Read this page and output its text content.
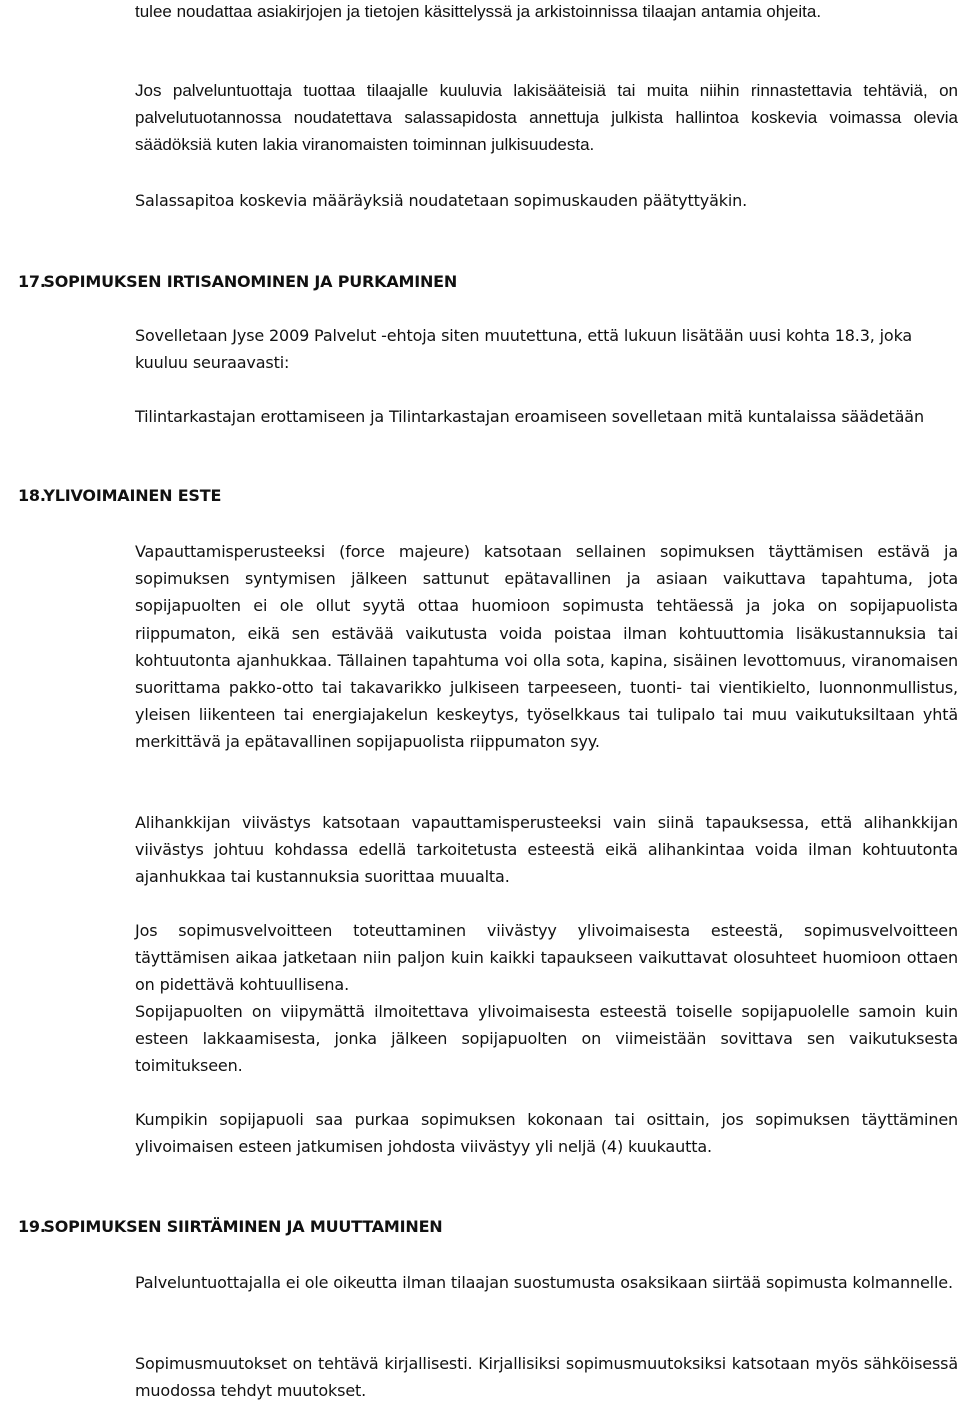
tulee noudattaa asiakirjojen ja tietojen käsittelyssä ja arkistoinnissa tilaajan antamia ohjeita.

Jos palveluntuottaja tuottaa tilaajalle kuuluvia lakisääteisiä tai muita niihin rinnastettavia tehtäviä, on palvelutuotannossa noudatettava salassapidosta annettuja julkista hallintoa koskevia voimassa olevia säädöksiä kuten lakia viranomaisten toiminnan julkisuudesta.

Salassapitoa koskevia määräyksiä noudatetaan sopimuskauden päätyttyäkin.

17. SOPIMUKSEN IRTISANOMINEN JA PURKAMINEN

Sovelletaan Jyse 2009 Palvelut -ehtoja siten muutettuna, että lukuun lisätään uusi kohta 18.3, joka kuuluu seuraavasti:

Tilintarkastajan erottamiseen ja Tilintarkastajan eroamiseen sovelletaan mitä kuntalaissa säädetään

18. YLIVOIMAINEN ESTE

Vapauttamisperusteeksi (force majeure) katsotaan sellainen sopimuksen täyttämisen estävä ja sopimuksen syntymisen jälkeen sattunut epätavallinen ja asiaan vaikuttava tapahtuma, jota sopijapuolten ei ole ollut syytä ottaa huomioon sopimusta tehtäessä ja joka on sopijapuolista riippumaton, eikä sen estävää vaikutusta voida poistaa ilman kohtuuttomia lisäkustannuksia tai kohtuutonta ajanhukkaa. Tällainen tapahtuma voi olla sota, kapina, sisäinen levottomuus, viranomaisen suorittama pakko-otto tai takavarikko julkiseen tarpeeseen, tuonti- tai vientikielto, luonnonmullistus, yleisen liikenteen tai energiajakelun keskeytys, työselkkaus tai tulipalo tai muu vaikutuksiltaan yhtä merkittävä ja epätavallinen sopijapuolista riippumaton syy.

Alihankkijan viivästys katsotaan vapauttamisperusteeksi vain siinä tapauksessa, että alihankkijan viivästys johtuu kohdassa edellä tarkoitetusta esteestä eikä alihankintaa voida ilman kohtuutonta ajanhukkaa tai kustannuksia suorittaa muualta.

Jos sopimusvelvoitteen toteuttaminen viivästyy ylivoimaisesta esteestä, sopimusvelvoitteen täyttämisen aikaa jatketaan niin paljon kuin kaikki tapaukseen vaikuttavat olosuhteet huomioon ottaen on pidettävä kohtuullisena.

Sopijapuolten on viipymättä ilmoitettava ylivoimaisesta esteestä toiselle sopijapuolelle samoin kuin esteen lakkaamisesta, jonka jälkeen sopijapuolten on viimeistään sovittava sen vaikutuksesta toimitukseen.

Kumpikin sopijapuoli saa purkaa sopimuksen kokonaan tai osittain, jos sopimuksen täyttäminen ylivoimaisen esteen jatkumisen johdosta viivästyy yli neljä (4) kuukautta.

19. SOPIMUKSEN SIIRTÄMINEN JA MUUTTAMINEN

Palveluntuottajalla ei ole oikeutta ilman tilaajan suostumusta osaksikaan siirtää sopimusta kolmannelle.

Sopimusmuutokset on tehtävä kirjallisesti. Kirjallisiksi sopimusmuutoksiksi katsotaan myös sähköisessä muodossa tehdyt muutokset.
